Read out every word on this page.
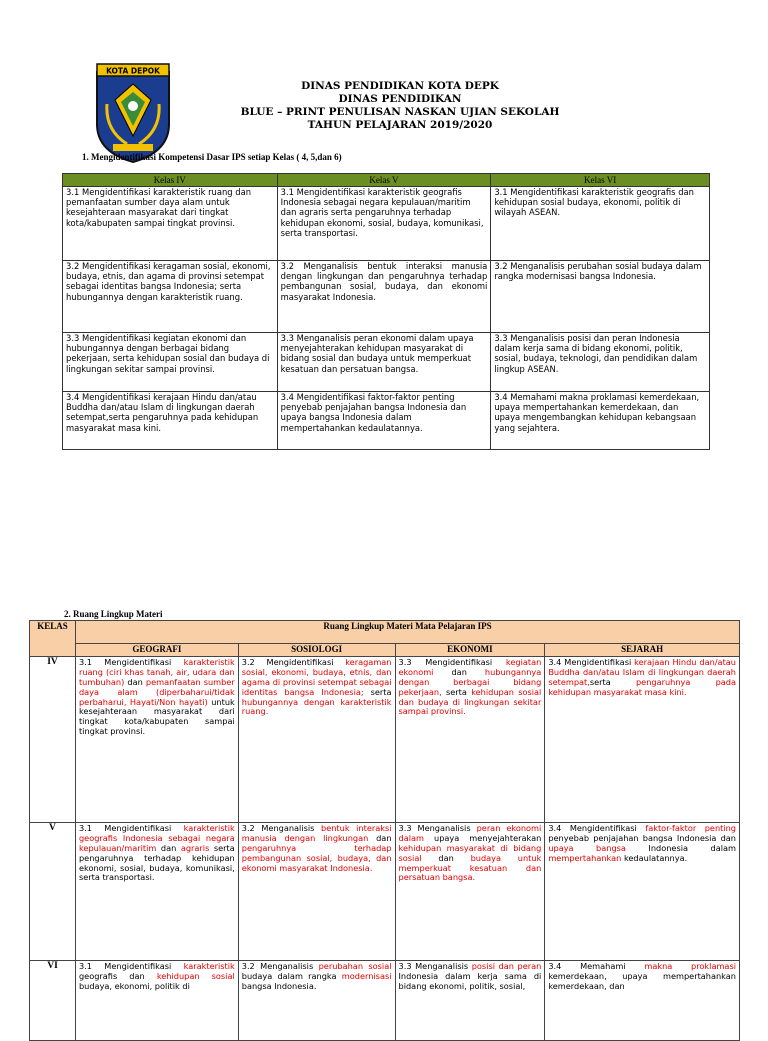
KOTA DEPOK
DINAS PENDIDIKAN KOTA DEPK
DINAS PENDIDIKAN
BLUE – PRINT PENULISAN NASKAN UJIAN SEKOLAH
TAHUN PELAJARAN 2019/2020
1. Mengidentifikasi Kompetensi Dasar IPS setiap Kelas ( 4, 5,dan 6)
Kelas IV	Kelas V	Kelas VI
3.1 Mengidentifikasi karakteristik ruang dan pemanfaatan sumber daya alam untuk kesejahteraan masyarakat dari tingkat kota/kabupaten sampai tingkat provinsi.	3.1 Mengidentifikasi karakteristik geografis Indonesia sebagai negara kepulauan/maritim dan agraris serta pengaruhnya terhadap kehidupan ekonomi, sosial, budaya, komunikasi, serta transportasi.	3.1 Mengidentifikasi karakteristik geografis dan kehidupan sosial budaya, ekonomi, politik di wilayah ASEAN.
3.2 Mengidentifikasi keragaman sosial, ekonomi, budaya, etnis, dan agama di provinsi setempat sebagai identitas bangsa Indonesia; serta hubungannya dengan karakteristik ruang.	3.2 Menganalisis bentuk interaksi manusia dengan lingkungan dan pengaruhnya terhadap pembangunan sosial, budaya, dan ekonomi masyarakat Indonesia.	3.2 Menganalisis perubahan sosial budaya dalam rangka modernisasi bangsa Indonesia.
3.3 Mengidentifikasi kegiatan ekonomi dan hubungannya dengan berbagai bidang pekerjaan, serta kehidupan sosial dan budaya di lingkungan sekitar sampai provinsi.	3.3 Menganalisis peran ekonomi dalam upaya menyejahterakan kehidupan masyarakat di bidang sosial dan budaya untuk memperkuat kesatuan dan persatuan bangsa.	3.3 Menganalisis posisi dan peran Indonesia dalam kerja sama di bidang ekonomi, politik, sosial, budaya, teknologi, dan pendidikan dalam lingkup ASEAN.
3.4 Mengidentifikasi kerajaan Hindu dan/atau Buddha dan/atau Islam di lingkungan daerah setempat,serta pengaruhnya pada kehidupan masyarakat masa kini.	3.4 Mengidentifikasi faktor-faktor penting penyebab penjajahan bangsa Indonesia dan upaya bangsa Indonesia dalam mempertahankan kedaulatannya.	3.4 Memahami makna proklamasi kemerdekaan, upaya mempertahankan kemerdekaan, dan upaya mengembangkan kehidupan kebangsaan yang sejahtera.
2. Ruang Lingkup Materi
KELAS	Ruang Lingkup Materi Mata Pelajaran IPS			
	GEOGRAFI	SOSIOLOGI	EKONOMI	SEJARAH
IV	3.1 Mengidentifikasi karakteristik ruang (ciri khas tanah, air, udara dan tumbuhan) dan pemanfaatan sumber daya alam (diperbaharui/tidak perbaharui, Hayati/Non hayati) untuk kesejahteraan masyarakat dari tingkat kota/kabupaten sampai tingkat provinsi.	3.2 Mengidentifikasi keragaman sosial, ekonomi, budaya, etnis, dan agama di provinsi setempat sebagai identitas bangsa Indonesia; serta hubungannya dengan karakteristik ruang.	3.3 Mengidentifikasi kegiatan ekonomi dan hubungannya dengan berbagai bidang pekerjaan, serta kehidupan sosial dan budaya di lingkungan sekitar sampai provinsi.	3.4 Mengidentifikasi kerajaan Hindu dan/atau Buddha dan/atau Islam di lingkungan daerah setempat,serta pengaruhnya pada kehidupan masyarakat masa kini.
V	3.1 Mengidentifikasi karakteristik geografis Indonesia sebagai negara kepulauan/maritim dan agraris serta pengaruhnya terhadap kehidupan ekonomi, sosial, budaya, komunikasi, serta transportasi.	3.2 Menganalisis bentuk interaksi manusia dengan lingkungan dan pengaruhnya terhadap pembangunan sosial, budaya, dan ekonomi masyarakat Indonesia.	3.3 Menganalisis peran ekonomi dalam upaya menyejahterakan kehidupan masyarakat di bidang sosial dan budaya untuk memperkuat kesatuan dan persatuan bangsa.	3.4 Mengidentifikasi faktor-faktor penting penyebab penjajahan bangsa Indonesia dan upaya bangsa Indonesia dalam mempertahankan kedaulatannya.
VI	3.1 Mengidentifikasi karakteristik geografis dan kehidupan sosial budaya, ekonomi, politik di	3.2 Menganalisis perubahan sosial budaya dalam rangka modernisasi bangsa Indonesia.	3.3 Menganalisis posisi dan peran Indonesia dalam kerja sama di bidang ekonomi, politik, sosial,	3.4 Memahami makna proklamasi kemerdekaan, upaya mempertahankan kemerdekaan, dan
